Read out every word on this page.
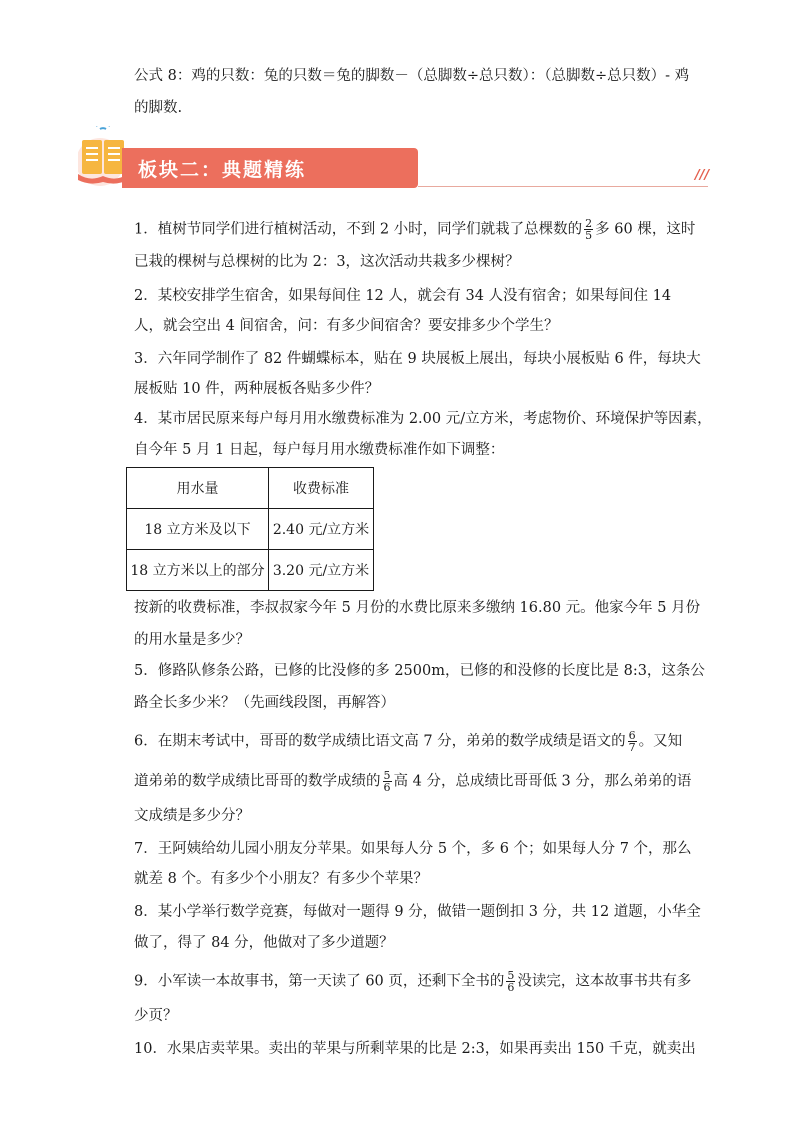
公式 8：鸡的只数：兔的只数＝兔的脚数－（总脚数÷总只数）：（总脚数÷总只数）- 鸡
的脚数.
板块二：典题精练	///
1．植树节同学们进行植树活动，不到 2 小时，同学们就栽了总棵数的 $\frac{2}{5}$ 多 60 棵，这时
已栽的棵树与总棵树的比为 2：3，这次活动共栽多少棵树？
2．某校安排学生宿舍，如果每间住 12 人，就会有 34 人没有宿舍；如果每间住 14
人，就会空出 4 间宿舍，问：有多少间宿舍？要安排多少个学生？
3．六年同学制作了 82 件蝴蝶标本，贴在 9 块展板上展出，每块小展板贴 6 件，每块大
展板贴 10 件，两种展板各贴多少件？
4．某市居民原来每户每月用水缴费标准为 2.00 元/立方米，考虑物价、环境保护等因素，
自今年 5 月 1 日起，每户每月用水缴费标准作如下调整：
用水量	收费标准
18 立方米及以下	2.40 元/立方米
18 立方米以上的部分	3.20 元/立方米
按新的收费标准，李叔叔家今年 5 月份的水费比原来多缴纳 16.80 元。他家今年 5 月份
的用水量是多少？
5．修路队修条公路，已修的比没修的多 2500m，已修的和没修的长度比是 8:3，这条公
路全长多少米？（先画线段图，再解答）
6．在期末考试中，哥哥的数学成绩比语文高 7 分，弟弟的数学成绩是语文的 $\frac{6}{7}$ 。又知
道弟弟的数学成绩比哥哥的数学成绩的 $\frac{5}{6}$ 高 4 分，总成绩比哥哥低 3 分，那么弟弟的语
文成绩是多少分？
7．王阿姨给幼儿园小朋友分苹果。如果每人分 5 个，多 6 个；如果每人分 7 个，那么
就差 8 个。有多少个小朋友？有多少个苹果？
8．某小学举行数学竞赛，每做对一题得 9 分，做错一题倒扣 3 分，共 12 道题，小华全
做了，得了 84 分，他做对了多少道题？
9．小军读一本故事书，第一天读了 60 页，还剩下全书的 $\frac{5}{6}$ 没读完，这本故事书共有多
少页？
10．水果店卖苹果。卖出的苹果与所剩苹果的比是 2:3，如果再卖出 150 千克，就卖出
